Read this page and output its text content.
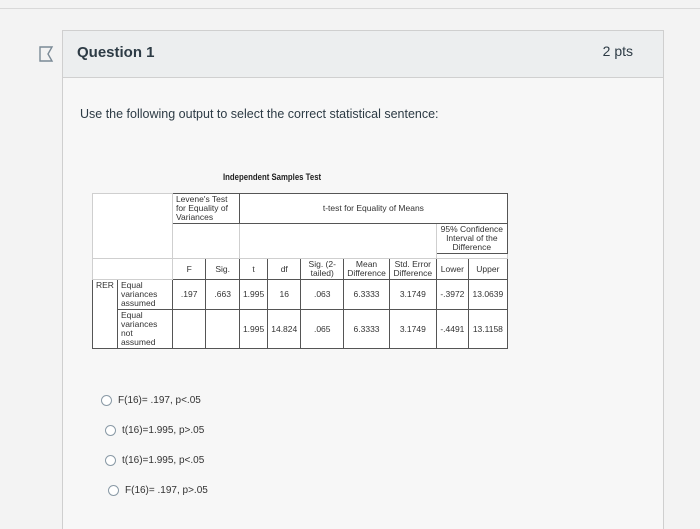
Question 1	2 pts
Use the following output to select the correct statistical sentence:
Independent Samples Test
		Levene's Test for Equality of Variances		t-test for Equality of Means						
									95% Confidence Interval of the Difference	

		F	Sig.	t	df	Sig. (2-tailed)	Mean Difference	Std. Error Difference	Lower	Upper
RER	Equal variances assumed	.197	.663	1.995	16	.063	6.3333	3.1749	-.3972	13.0639
	Equal variances not assumed			1.995	14.824	.065	6.3333	3.1749	-.4491	13.1158
F(16)= .197, p<.05
t(16)=1.995, p>.05
t(16)=1.995, p<.05
F(16)= .197, p>.05
